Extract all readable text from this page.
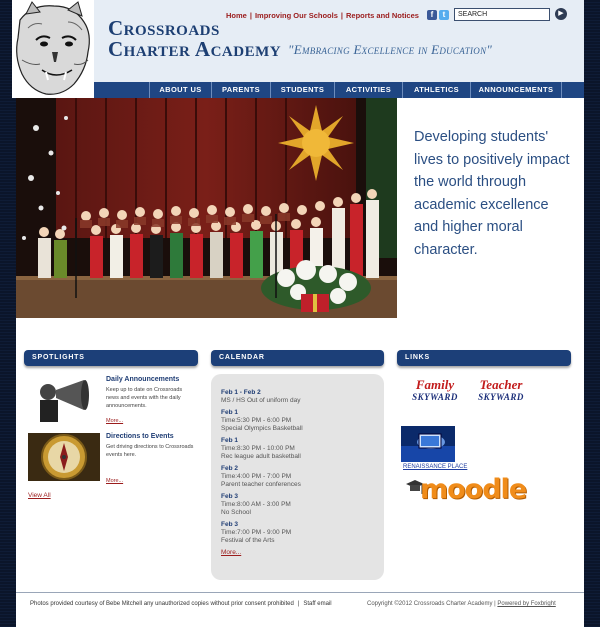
Crossroads
Charter Academy "Embracing Excellence in Education"
Home | Improving Our Schools | Reports and Notices	f	t
SEARCH	▶
ABOUT US	PARENTS	STUDENTS	ACTIVITIES	ATHLETICS	ANNOUNCEMENTS
Developing students' lives to positively impact the world through academic excellence and higher moral character.
SPOTLIGHTS	CALENDAR	LINKS
Daily Announcements
Keep up to date on Crossroads news and events with the daily announcements.
More...
Directions to Events
Get driving directions to Crossroads events here.
More...
View All
Feb 1 - Feb 2
MS / HS Out of uniform day
Feb 1
Time:5:30 PM - 6:00 PM
Special Olympics Basketball
Feb 1
Time:8:30 PM - 10:00 PM
Rec league adult basketball
Feb 2
Time:4:00 PM - 7:00 PM
Parent teacher conferences
Feb 3
Time:8:00 AM - 3:00 PM
No School
Feb 3
Time:7:00 PM - 9:00 PM
Festival of the Arts
More...
Family
SKYWARD
Teacher
SKYWARD
RENAISSANCE PLACE
moodle
Photos provided courtesy of Bebe Mitchell any unauthorized copies without prior consent prohibited | Staff email	Copyright ©2012 Crossroads Charter Academy | Powered by Foxbright
